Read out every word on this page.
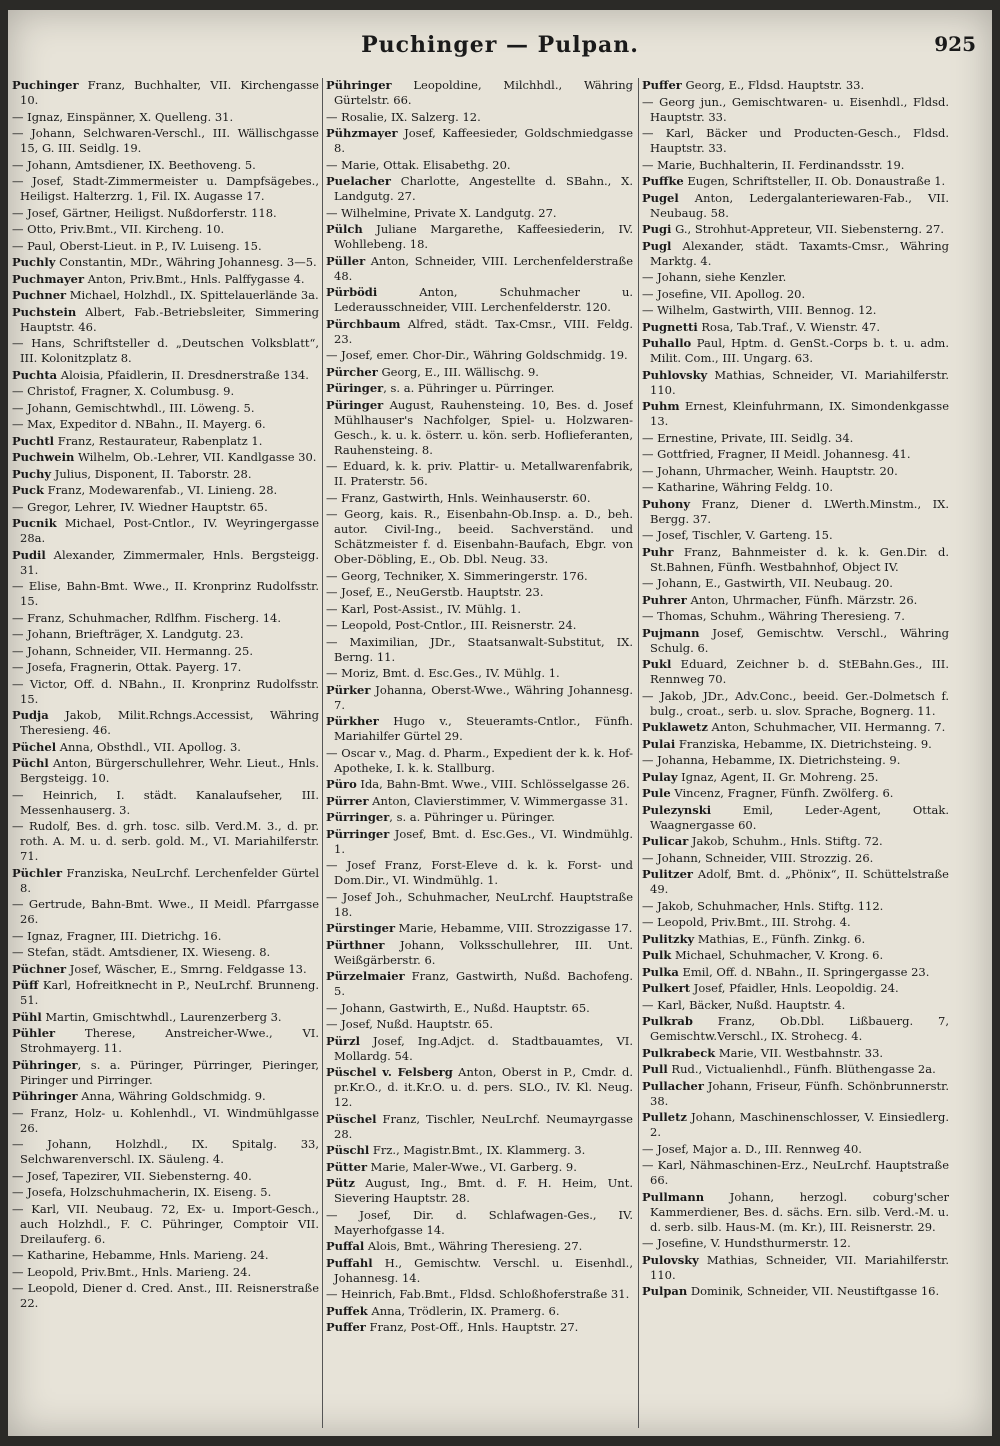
Puchinger — Pulpan.	925
Puchinger Franz, Buchhalter, VII. Kirchengasse 10.
— Ignaz, Einspänner, X. Quelleng. 31.
— Johann, Selchwaren-Verschl., III. Wällischgasse 15, G. III. Seidlg. 19.
— Johann, Amtsdiener, IX. Beethoveng. 5.
— Josef, Stadt-Zimmermeister u. Dampfsägebes., Heiligst. Halterzrg. 1, Fil. IX. Augasse 17.
— Josef, Gärtner, Heiligst. Nußdorferstr. 118.
— Otto, Priv.Bmt., VII. Kircheng. 10.
— Paul, Oberst-Lieut. in P., IV. Luiseng. 15.
Puchly Constantin, MDr., Währing Johannesg. 3—5.
Puchmayer Anton, Priv.Bmt., Hnls. Palffygasse 4.
Puchner Michael, Holzhdl., IX. Spittelauerlände 3a.
Puchstein Albert, Fab.-Betriebsleiter, Simmering Hauptstr. 46.
— Hans, Schriftsteller d. „Deutschen Volksblatt“, III. Kolonitzplatz 8.
Puchta Aloisia, Pfaidlerin, II. Dresdnerstraße 134.
— Christof, Fragner, X. Columbusg. 9.
— Johann, Gemischtwhdl., III. Löweng. 5.
— Max, Expeditor d. NBahn., II. Mayerg. 6.
Puchtl Franz, Restaurateur, Rabenplatz 1.
Puchwein Wilhelm, Ob.-Lehrer, VII. Kandlgasse 30.
Puchy Julius, Disponent, II. Taborstr. 28.
Puck Franz, Modewarenfab., VI. Linieng. 28.
— Gregor, Lehrer, IV. Wiedner Hauptstr. 65.
Pucnik Michael, Post-Cntlor., IV. Weyringergasse 28a.
Pudil Alexander, Zimmermaler, Hnls. Bergsteigg. 31.
— Elise, Bahn-Bmt. Wwe., II. Kronprinz Rudolfsstr. 15.
— Franz, Schuhmacher, Rdlfhm. Fischerg. 14.
— Johann, Briefträger, X. Landgutg. 23.
— Johann, Schneider, VII. Hermanng. 25.
— Josefa, Fragnerin, Ottak. Payerg. 17.
— Victor, Off. d. NBahn., II. Kronprinz Rudolfsstr. 15.
Pudja Jakob, Milit.Rchngs.Accessist, Währing Theresieng. 46.
Püchel Anna, Obsthdl., VII. Apollog. 3.
Püchl Anton, Bürgerschullehrer, Wehr. Lieut., Hnls. Bergsteigg. 10.
— Heinrich, I. städt. Kanalaufseher, III. Messenhauserg. 3.
— Rudolf, Bes. d. grh. tosc. silb. Verd.M. 3., d. pr. roth. A. M. u. d. serb. gold. M., VI. Mariahilferstr. 71.
Püchler Franziska, NeuLrchf. Lerchenfelder Gürtel 8.
— Gertrude, Bahn-Bmt. Wwe., II Meidl. Pfarrgasse 26.
— Ignaz, Fragner, III. Dietrichg. 16.
— Stefan, städt. Amtsdiener, IX. Wieseng. 8.
Püchner Josef, Wäscher, E., Smrng. Feldgasse 13.
Püff Karl, Hofreitknecht in P., NeuLrchf. Brunneng. 51.
Pühl Martin, Gmischtwhdl., Laurenzerberg 3.
Pühler Therese, Anstreicher-Wwe., VI. Strohmayerg. 11.
Pühringer, s. a. Püringer, Pürringer, Pieringer, Piringer und Pirringer.
Pühringer Anna, Währing Goldschmidg. 9.
— Franz, Holz- u. Kohlenhdl., VI. Windmühlgasse 26.
— Johann, Holzhdl., IX. Spitalg. 33, Selchwarenverschl. IX. Säuleng. 4.
— Josef, Tapezirer, VII. Siebensterng. 40.
— Josefa, Holzschuhmacherin, IX. Eiseng. 5.
— Karl, VII. Neubaug. 72, Ex- u. Import-Gesch., auch Holzhdl., F. C. Pühringer, Comptoir VII. Dreilauferg. 6.
— Katharine, Hebamme, Hnls. Marieng. 24.
— Leopold, Priv.Bmt., Hnls. Marieng. 24.
— Leopold, Diener d. Cred. Anst., III. Reisnerstraße 22.
Pühringer Leopoldine, Milchhdl., Währing Gürtelstr. 66.
— Rosalie, IX. Salzerg. 12.
Pühzmayer Josef, Kaffeesieder, Goldschmiedgasse 8.
— Marie, Ottak. Elisabethg. 20.
Puelacher Charlotte, Angestellte d. SBahn., X. Landgutg. 27.
— Wilhelmine, Private X. Landgutg. 27.
Pülch Juliane Margarethe, Kaffeesiederin, IV. Wohllebeng. 18.
Püller Anton, Schneider, VIII. Lerchenfelderstraße 48.
Pürbödi Anton, Schuhmacher u. Lederausschneider, VIII. Lerchenfelderstr. 120.
Pürchbaum Alfred, städt. Tax-Cmsr., VIII. Feldg. 23.
— Josef, emer. Chor-Dir., Währing Goldschmidg. 19.
Pürcher Georg, E., III. Wällischg. 9.
Püringer, s. a. Pühringer u. Pürringer.
Püringer August, Rauhensteing. 10, Bes. d. Josef Mühlhauser's Nachfolger, Spiel- u. Holzwaren-Gesch., k. u. k. österr. u. kön. serb. Hoflieferanten, Rauhensteing. 8.
— Eduard, k. k. priv. Plattir- u. Metallwarenfabrik, II. Praterstr. 56.
— Franz, Gastwirth, Hnls. Weinhauserstr. 60.
— Georg, kais. R., Eisenbahn-Ob.Insp. a. D., beh. autor. Civil-Ing., beeid. Sachverständ. und Schätzmeister f. d. Eisenbahn-Baufach, Ebgr. von Ober-Döbling, E., Ob. Dbl. Neug. 33.
— Georg, Techniker, X. Simmeringerstr. 176.
— Josef, E., NeuGerstb. Hauptstr. 23.
— Karl, Post-Assist., IV. Mühlg. 1.
— Leopold, Post-Cntlor., III. Reisnerstr. 24.
— Maximilian, JDr., Staatsanwalt-Substitut, IX. Berng. 11.
— Moriz, Bmt. d. Esc.Ges., IV. Mühlg. 1.
Pürker Johanna, Oberst-Wwe., Währing Johannesg. 7.
Pürkher Hugo v., Steueramts-Cntlor., Fünfh. Mariahilfer Gürtel 29.
— Oscar v., Mag. d. Pharm., Expedient der k. k. Hof-Apotheke, I. k. k. Stallburg.
Püro Ida, Bahn-Bmt. Wwe., VIII. Schlösselgasse 26.
Pürrer Anton, Clavierstimmer, V. Wimmergasse 31.
Pürringer, s. a. Pühringer u. Püringer.
Pürringer Josef, Bmt. d. Esc.Ges., VI. Windmühlg. 1.
— Josef Franz, Forst-Eleve d. k. k. Forst- und Dom.Dir., VI. Windmühlg. 1.
— Josef Joh., Schuhmacher, NeuLrchf. Hauptstraße 18.
Pürstinger Marie, Hebamme, VIII. Strozzigasse 17.
Pürthner Johann, Volksschullehrer, III. Unt. Weißgärberstr. 6.
Pürzelmaier Franz, Gastwirth, Nußd. Bachofeng. 5.
— Johann, Gastwirth, E., Nußd. Hauptstr. 65.
— Josef, Nußd. Hauptstr. 65.
Pürzl Josef, Ing.Adjct. d. Stadtbauamtes, VI. Mollardg. 54.
Püschel v. Felsberg Anton, Oberst in P., Cmdr. d. pr.Kr.O., d. it.Kr.O. u. d. pers. SLO., IV. Kl. Neug. 12.
Püschel Franz, Tischler, NeuLrchf. Neumayrgasse 28.
Püschl Frz., Magistr.Bmt., IX. Klammerg. 3.
Pütter Marie, Maler-Wwe., VI. Garberg. 9.
Pütz August, Ing., Bmt. d. F. H. Heim, Unt. Sievering Hauptstr. 28.
— Josef, Dir. d. Schlafwagen-Ges., IV. Mayerhofgasse 14.
Puffal Alois, Bmt., Währing Theresieng. 27.
Puffahl H., Gemischtw. Verschl. u. Eisenhdl., Johannesg. 14.
— Heinrich, Fab.Bmt., Fldsd. Schloßhoferstraße 31.
Puffek Anna, Trödlerin, IX. Pramerg. 6.
Puffer Franz, Post-Off., Hnls. Hauptstr. 27.
Puffer Georg, E., Fldsd. Hauptstr. 33.
— Georg jun., Gemischtwaren- u. Eisenhdl., Fldsd. Hauptstr. 33.
— Karl, Bäcker und Producten-Gesch., Fldsd. Hauptstr. 33.
— Marie, Buchhalterin, II. Ferdinandsstr. 19.
Puffke Eugen, Schriftsteller, II. Ob. Donaustraße 1.
Pugel Anton, Ledergalanteriewaren-Fab., VII. Neubaug. 58.
Pugi G., Strohhut-Appreteur, VII. Siebensterng. 27.
Pugl Alexander, städt. Taxamts-Cmsr., Währing Marktg. 4.
— Johann, siehe Kenzler.
— Josefine, VII. Apollog. 20.
— Wilhelm, Gastwirth, VIII. Bennog. 12.
Pugnetti Rosa, Tab.Traf., V. Wienstr. 47.
Puhallo Paul, Hptm. d. GenSt.-Corps b. t. u. adm. Milit. Com., III. Ungarg. 63.
Puhlovsky Mathias, Schneider, VI. Mariahilferstr. 110.
Puhm Ernest, Kleinfuhrmann, IX. Simondenkgasse 13.
— Ernestine, Private, III. Seidlg. 34.
— Gottfried, Fragner, II Meidl. Johannesg. 41.
— Johann, Uhrmacher, Weinh. Hauptstr. 20.
— Katharine, Währing Feldg. 10.
Puhony Franz, Diener d. LWerth.Minstm., IX. Bergg. 37.
— Josef, Tischler, V. Garteng. 15.
Puhr Franz, Bahnmeister d. k. k. Gen.Dir. d. St.Bahnen, Fünfh. Westbahnhof, Object IV.
— Johann, E., Gastwirth, VII. Neubaug. 20.
Puhrer Anton, Uhrmacher, Fünfh. Märzstr. 26.
— Thomas, Schuhm., Währing Theresieng. 7.
Pujmann Josef, Gemischtw. Verschl., Währing Schulg. 6.
Pukl Eduard, Zeichner b. d. StEBahn.Ges., III. Rennweg 70.
— Jakob, JDr., Adv.Conc., beeid. Ger.-Dolmetsch f. bulg., croat., serb. u. slov. Sprache, Bognerg. 11.
Puklawetz Anton, Schuhmacher, VII. Hermanng. 7.
Pulai Franziska, Hebamme, IX. Dietrichsteing. 9.
— Johanna, Hebamme, IX. Dietrichsteing. 9.
Pulay Ignaz, Agent, II. Gr. Mohreng. 25.
Pule Vincenz, Fragner, Fünfh. Zwölferg. 6.
Pulezynski Emil, Leder-Agent, Ottak. Waagnergasse 60.
Pulicar Jakob, Schuhm., Hnls. Stiftg. 72.
— Johann, Schneider, VIII. Strozzig. 26.
Pulitzer Adolf, Bmt. d. „Phönix“, II. Schüttelstraße 49.
— Jakob, Schuhmacher, Hnls. Stiftg. 112.
— Leopold, Priv.Bmt., III. Strohg. 4.
Pulitzky Mathias, E., Fünfh. Zinkg. 6.
Pulk Michael, Schuhmacher, V. Krong. 6.
Pulka Emil, Off. d. NBahn., II. Springergasse 23.
Pulkert Josef, Pfaidler, Hnls. Leopoldig. 24.
— Karl, Bäcker, Nußd. Hauptstr. 4.
Pulkrab Franz, Ob.Dbl. Lißbauerg. 7, Gemischtw.Verschl., IX. Strohecg. 4.
Pulkrabeck Marie, VII. Westbahnstr. 33.
Pull Rud., Victualienhdl., Fünfh. Blüthengasse 2a.
Pullacher Johann, Friseur, Fünfh. Schönbrunnerstr. 38.
Pulletz Johann, Maschinenschlosser, V. Einsiedlerg. 2.
— Josef, Major a. D., III. Rennweg 40.
— Karl, Nähmaschinen-Erz., NeuLrchf. Hauptstraße 66.
Pullmann Johann, herzogl. coburg'scher Kammerdiener, Bes. d. sächs. Ern. silb. Verd.-M. u. d. serb. silb. Haus-M. (m. Kr.), III. Reisnerstr. 29.
— Josefine, V. Hundsthurmerstr. 12.
Pulovsky Mathias, Schneider, VII. Mariahilferstr. 110.
Pulpan Dominik, Schneider, VII. Neustiftgasse 16.
